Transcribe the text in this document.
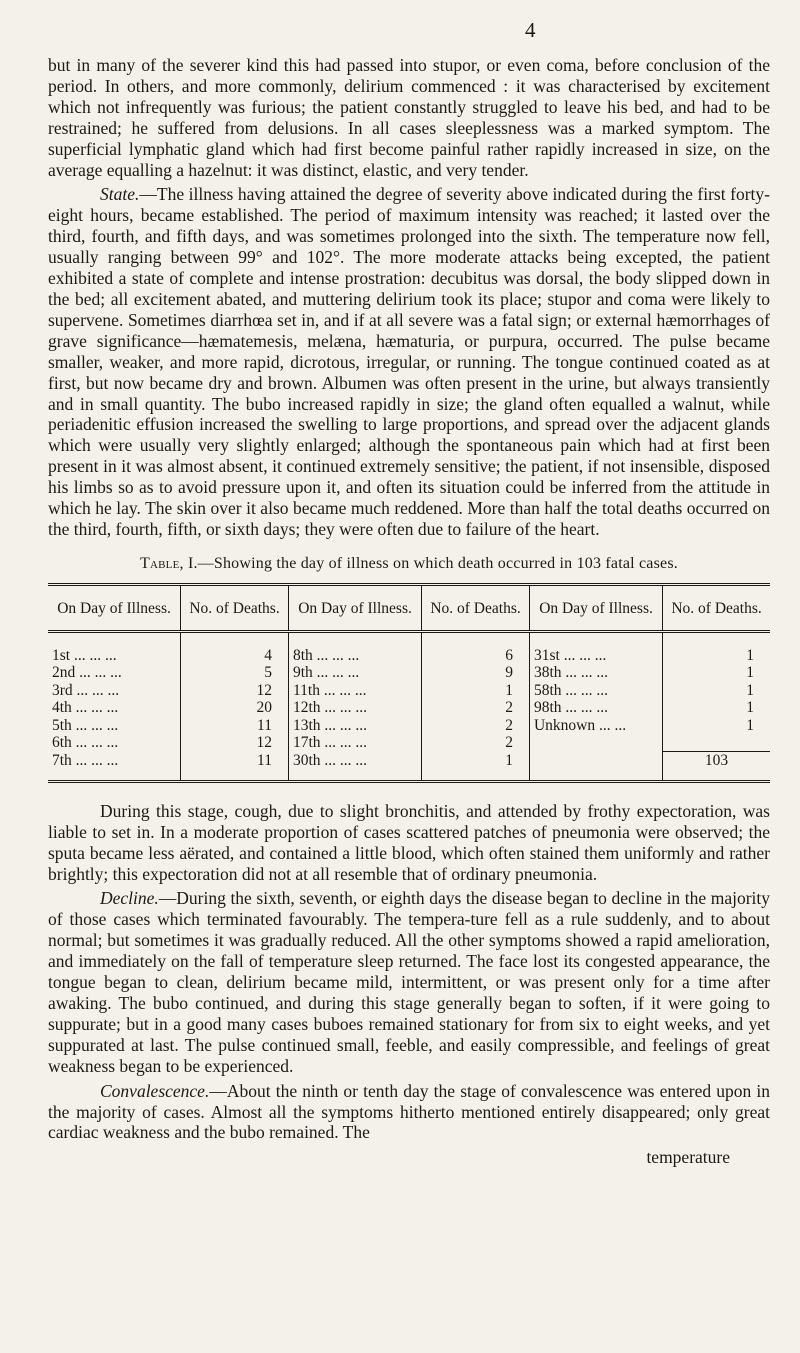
4

but in many of the severer kind this had passed into stupor, or even coma, before conclusion of the period. In others, and more commonly, delirium commenced : it was characterised by excitement which not infrequently was furious; the patient constantly struggled to leave his bed, and had to be restrained; he suffered from delusions. In all cases sleeplessness was a marked symptom. The superficial lymphatic gland which had first become painful rather rapidly increased in size, on the average equalling a hazelnut: it was distinct, elastic, and very tender.

State.—The illness having attained the degree of severity above indicated during the first forty-eight hours, became established. The period of maximum intensity was reached; it lasted over the third, fourth, and fifth days, and was sometimes prolonged into the sixth. The temperature now fell, usually ranging between 99° and 102°. The more moderate attacks being excepted, the patient exhibited a state of complete and intense prostration: decubitus was dorsal, the body slipped down in the bed; all excitement abated, and muttering delirium took its place; stupor and coma were likely to supervene. Sometimes diarrhœa set in, and if at all severe was a fatal sign; or external hæmorrhages of grave significance—hæmatemesis, melæna, hæmaturia, or purpura, occurred. The pulse became smaller, weaker, and more rapid, dicrotous, irregular, or running. The tongue continued coated as at first, but now became dry and brown. Albumen was often present in the urine, but always transiently and in small quantity. The bubo increased rapidly in size; the gland often equalled a walnut, while periadenitic effusion increased the swelling to large proportions, and spread over the adjacent glands which were usually very slightly enlarged; although the spontaneous pain which had at first been present in it was almost absent, it continued extremely sensitive; the patient, if not insensible, disposed his limbs so as to avoid pressure upon it, and often its situation could be inferred from the attitude in which he lay. The skin over it also became much reddened. More than half the total deaths occurred on the third, fourth, fifth, or sixth days; they were often due to failure of the heart.

Table, I.—Showing the day of illness on which death occurred in 103 fatal cases.
On Day of Illness.	No. of Deaths.	On Day of Illness.	No. of Deaths.	On Day of Illness.	No. of Deaths.
1st ... ... ...	4	8th ... ... ...	6	31st ... ... ...	1
2nd ... ... ...	5	9th ... ... ...	9	38th ... ... ...	1
3rd ... ... ...	12	11th ... ... ...	1	58th ... ... ...	1
4th ... ... ...	20	12th ... ... ...	2	98th ... ... ...	1
5th ... ... ...	11	13th ... ... ...	2	Unknown ... ...	1
6th ... ... ...	12	17th ... ... ...	2		
7th ... ... ...	11	30th ... ... ...	1		103

During this stage, cough, due to slight bronchitis, and attended by frothy expectoration, was liable to set in. In a moderate proportion of cases scattered patches of pneumonia were observed; the sputa became less aërated, and contained a little blood, which often stained them uniformly and rather brightly; this expectoration did not at all resemble that of ordinary pneumonia.

Decline.—During the sixth, seventh, or eighth days the disease began to decline in the majority of those cases which terminated favourably. The tempera-ture fell as a rule suddenly, and to about normal; but sometimes it was gradually reduced. All the other symptoms showed a rapid amelioration, and immediately on the fall of temperature sleep returned. The face lost its congested appearance, the tongue began to clean, delirium became mild, intermittent, or was present only for a time after awaking. The bubo continued, and during this stage generally began to soften, if it were going to suppurate; but in a good many cases buboes remained stationary for from six to eight weeks, and yet suppurated at last. The pulse continued small, feeble, and easily compressible, and feelings of great weakness began to be experienced.

Convalescence.—About the ninth or tenth day the stage of convalescence was entered upon in the majority of cases. Almost all the symptoms hitherto mentioned entirely disappeared; only great cardiac weakness and the bubo remained. The

temperature
